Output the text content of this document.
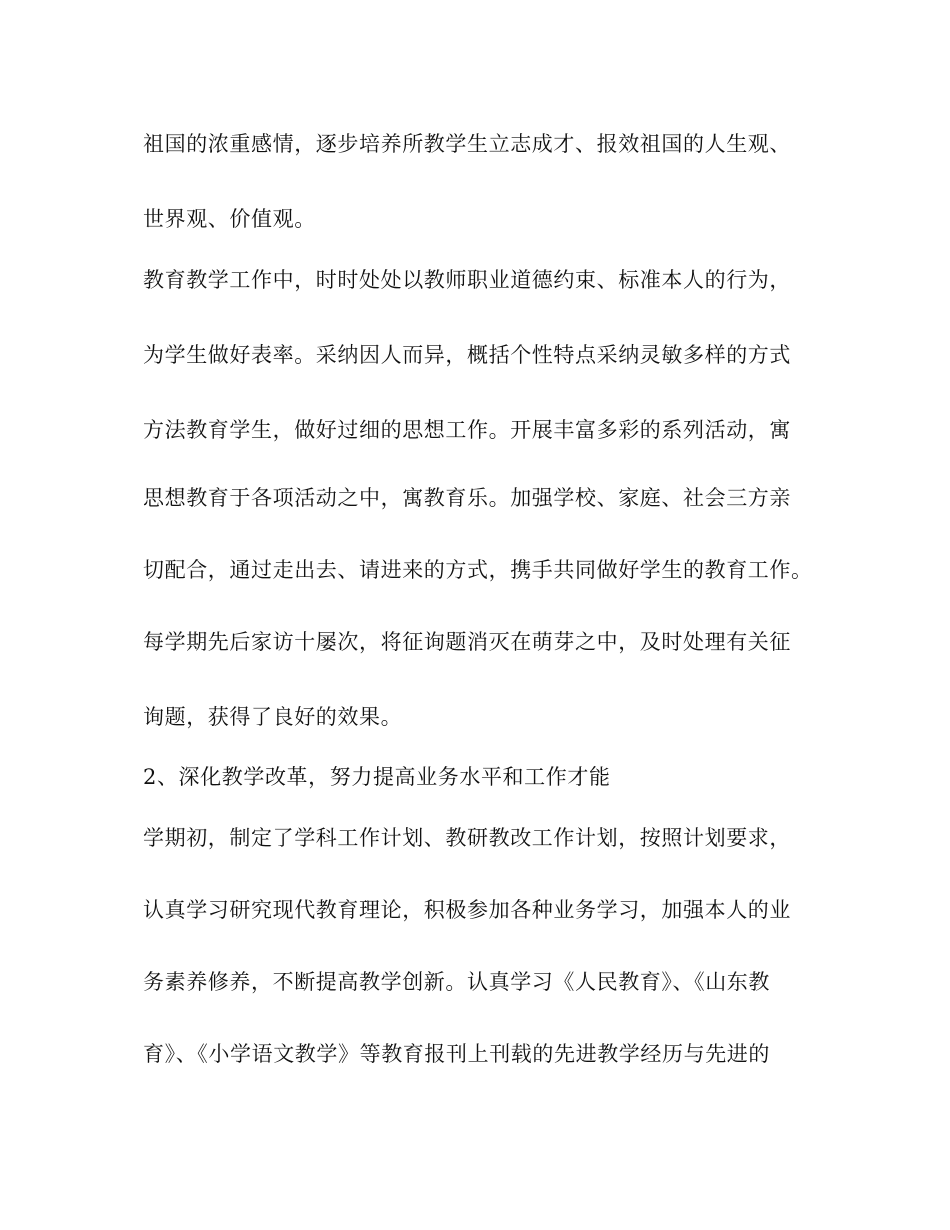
祖国的浓重感情，逐步培养所教学生立志成才、报效祖国的人生观、
世界观、价值观。
教育教学工作中，时时处处以教师职业道德约束、标准本人的行为，
为学生做好表率。采纳因人而异，概括个性特点采纳灵敏多样的方式
方法教育学生，做好过细的思想工作。开展丰富多彩的系列活动，寓
思想教育于各项活动之中，寓教育乐。加强学校、家庭、社会三方亲
切配合，通过走出去、请进来的方式，携手共同做好学生的教育工作。
每学期先后家访十屡次，将征询题消灭在萌芽之中，及时处理有关征
询题，获得了良好的效果。
2、深化教学改革，努力提高业务水平和工作才能
学期初，制定了学科工作计划、教研教改工作计划，按照计划要求，
认真学习研究现代教育理论，积极参加各种业务学习，加强本人的业
务素养修养，不断提高教学创新。认真学习《人民教育》、《山东教
育》、《小学语文教学》等教育报刊上刊载的先进教学经历与先进的
